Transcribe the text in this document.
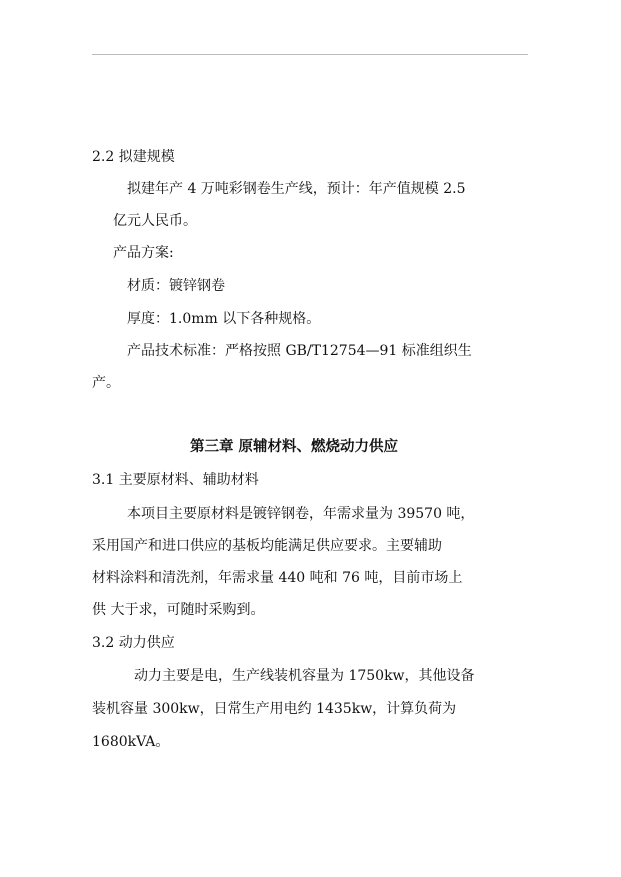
2.2 拟建规模
拟建年产 4 万吨彩钢卷生产线，预计：年产值规模 2.5
亿元人民币。
产品方案:
材质：镀锌钢卷
厚度：1.0mm 以下各种规格。
产品技术标准：严格按照 GB/T12754—91 标准组织生
产。
第三章 原辅材料、燃烧动力供应
3.1 主要原材料、辅助材料
本项目主要原材料是镀锌钢卷，年需求量为 39570 吨，
采用国产和进口供应的基板均能满足供应要求。主要辅助
材料涂料和清洗剂，年需求量 440 吨和 76 吨，目前市场上
供 大于求，可随时采购到。
3.2 动力供应
动力主要是电，生产线装机容量为 1750kw，其他设备
装机容量 300kw，日常生产用电约 1435kw，计算负荷为
1680kVA。
